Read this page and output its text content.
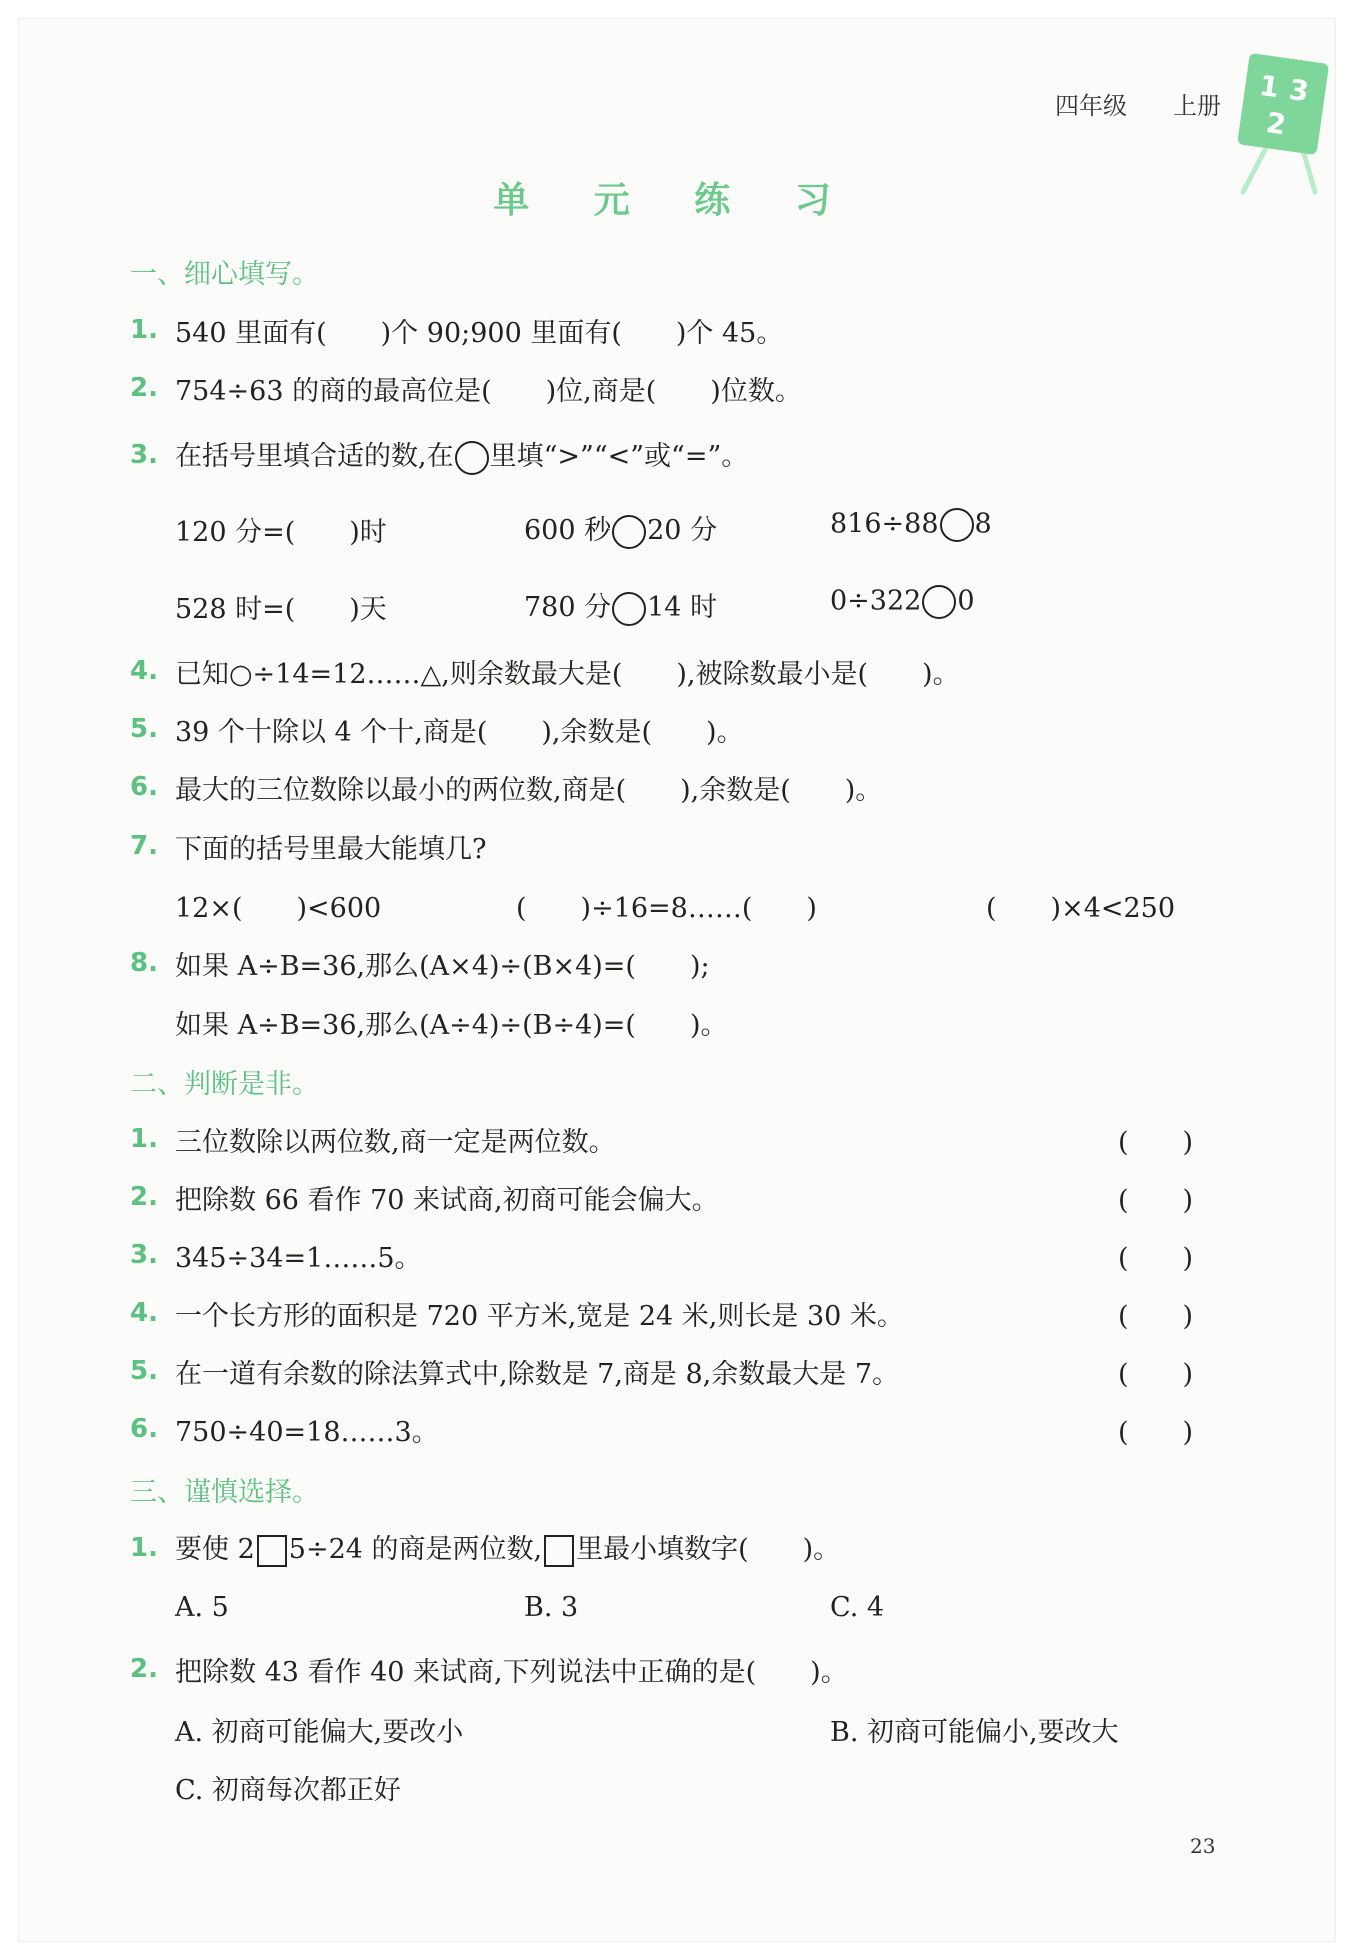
四年级 上册
1 3
2
单 元 练 习
一、细心填写。
1. 540 里面有(　　)个 90;900 里面有(　　)个 45。
2. 754÷63 的商的最高位是(　　)位,商是(　　)位数。
3. 在括号里填合适的数,在 里填“>”“<”或“=”。
120 分=(　　)时	600 秒 20 分	816÷88 8
528 时=(　　)天	780 分 14 时	0÷322 0
4. 已知○÷14=12……△,则余数最大是(　　),被除数最小是(　　)。
5. 39 个十除以 4 个十,商是(　　),余数是(　　)。
6. 最大的三位数除以最小的两位数,商是(　　),余数是(　　)。
7. 下面的括号里最大能填几?
12×(　　)<600	(　　)÷16=8……(　　)	(　　)×4<250
8. 如果 A÷B=36,那么(A×4)÷(B×4)=(　　);
如果 A÷B=36,那么(A÷4)÷(B÷4)=(　　)。
二、判断是非。
1. 三位数除以两位数,商一定是两位数。	(　　)
2. 把除数 66 看作 70 来试商,初商可能会偏大。	(　　)
3. 345÷34=1……5。	(　　)
4. 一个长方形的面积是 720 平方米,宽是 24 米,则长是 30 米。	(　　)
5. 在一道有余数的除法算式中,除数是 7,商是 8,余数最大是 7。	(　　)
6. 750÷40=18……3。	(　　)
三、谨慎选择。
1. 要使 2 5÷24 的商是两位数, 里最小填数字(　　)。
A. 5	B. 3	C. 4
2. 把除数 43 看作 40 来试商,下列说法中正确的是(　　)。
A. 初商可能偏大,要改小	B. 初商可能偏小,要改大
C. 初商每次都正好
23
